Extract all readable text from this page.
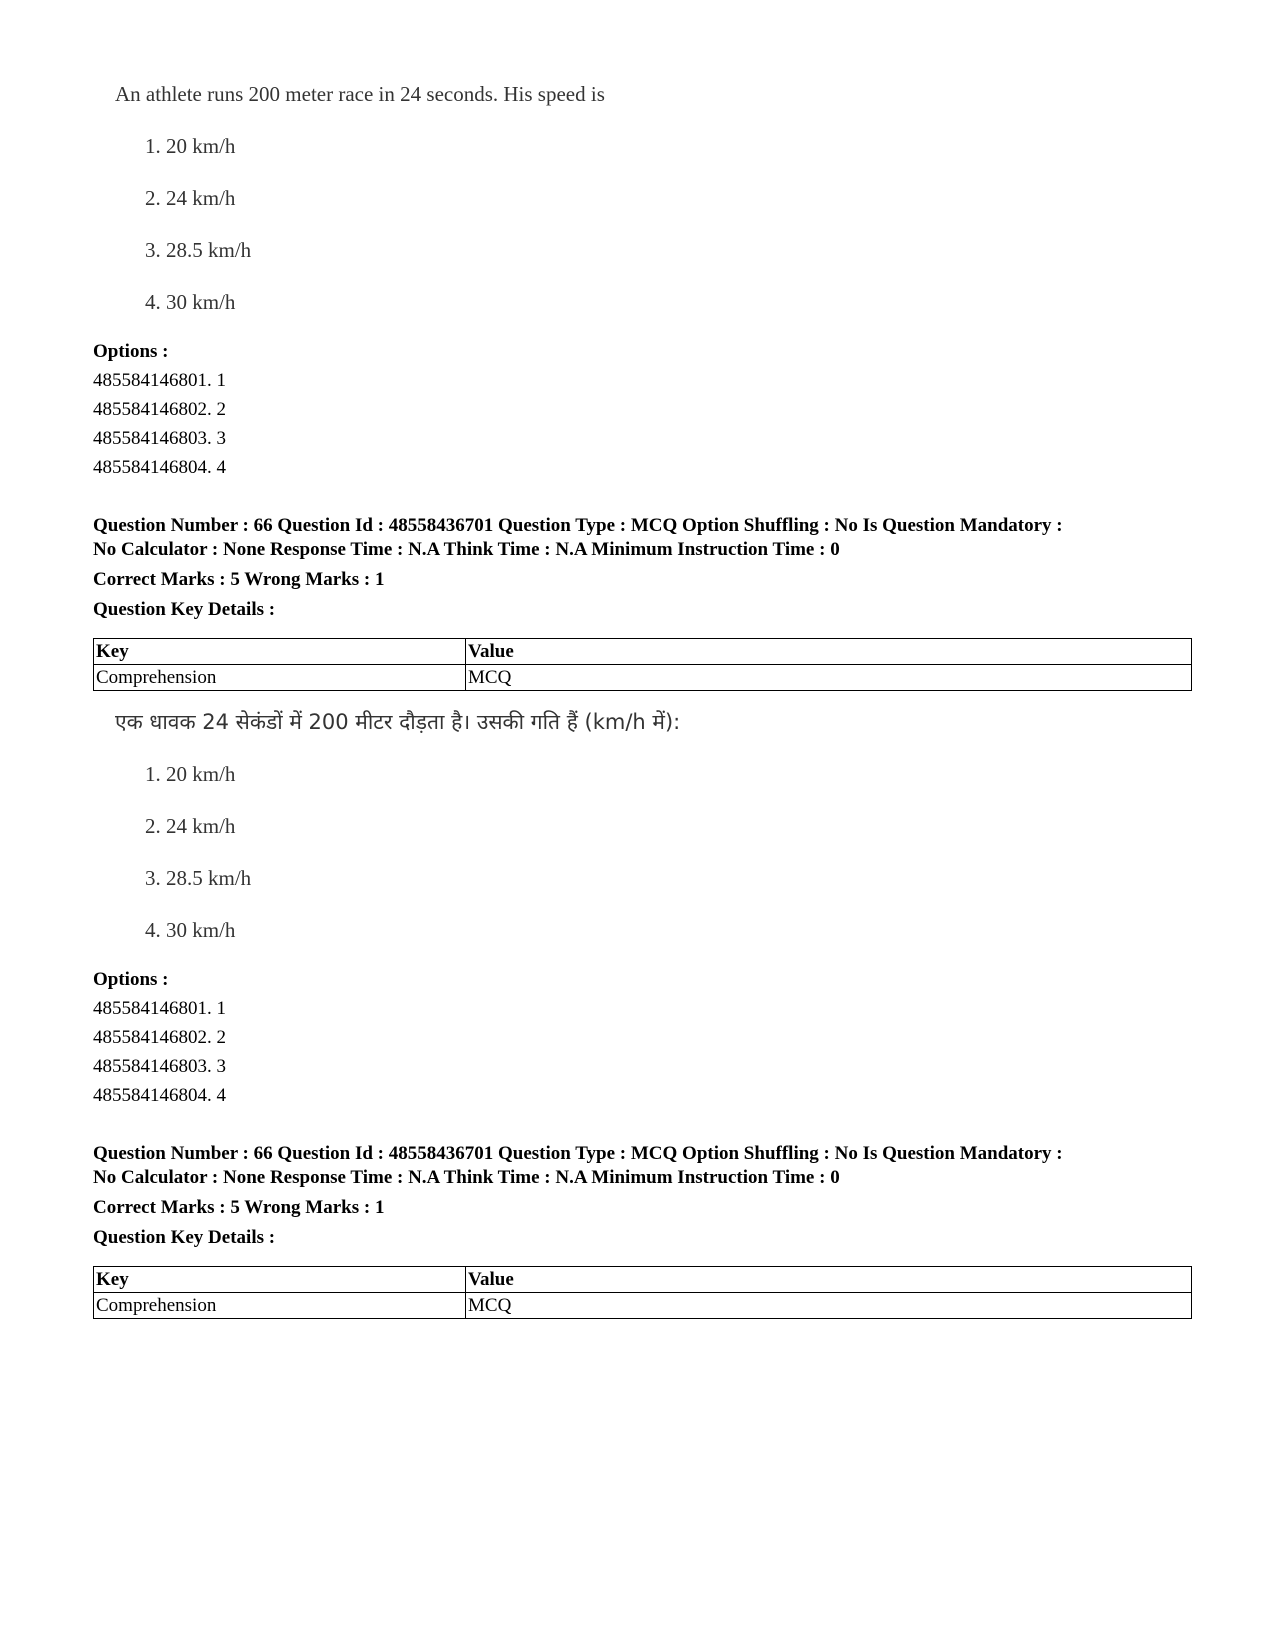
An athlete runs 200 meter race in 24 seconds. His speed is

1. 20 km/h
2. 24 km/h
3. 28.5 km/h
4. 30 km/h
Options :
485584146801. 1
485584146802. 2
485584146803. 3
485584146804. 4
Question Number : 66 Question Id : 48558436701 Question Type : MCQ Option Shuffling : No Is Question Mandatory :
No Calculator : None Response Time : N.A Think Time : N.A Minimum Instruction Time : 0
Correct Marks : 5 Wrong Marks : 1
Question Key Details :
Key	Value
Comprehension	MCQ

एक धावक 24 सेकंडों में 200 मीटर दौड़ता है। उसकी गति हैं (km/h में):

1. 20 km/h
2. 24 km/h
3. 28.5 km/h
4. 30 km/h
Options :
485584146801. 1
485584146802. 2
485584146803. 3
485584146804. 4
Question Number : 66 Question Id : 48558436701 Question Type : MCQ Option Shuffling : No Is Question Mandatory :
No Calculator : None Response Time : N.A Think Time : N.A Minimum Instruction Time : 0
Correct Marks : 5 Wrong Marks : 1
Question Key Details :
Key	Value
Comprehension	MCQ
